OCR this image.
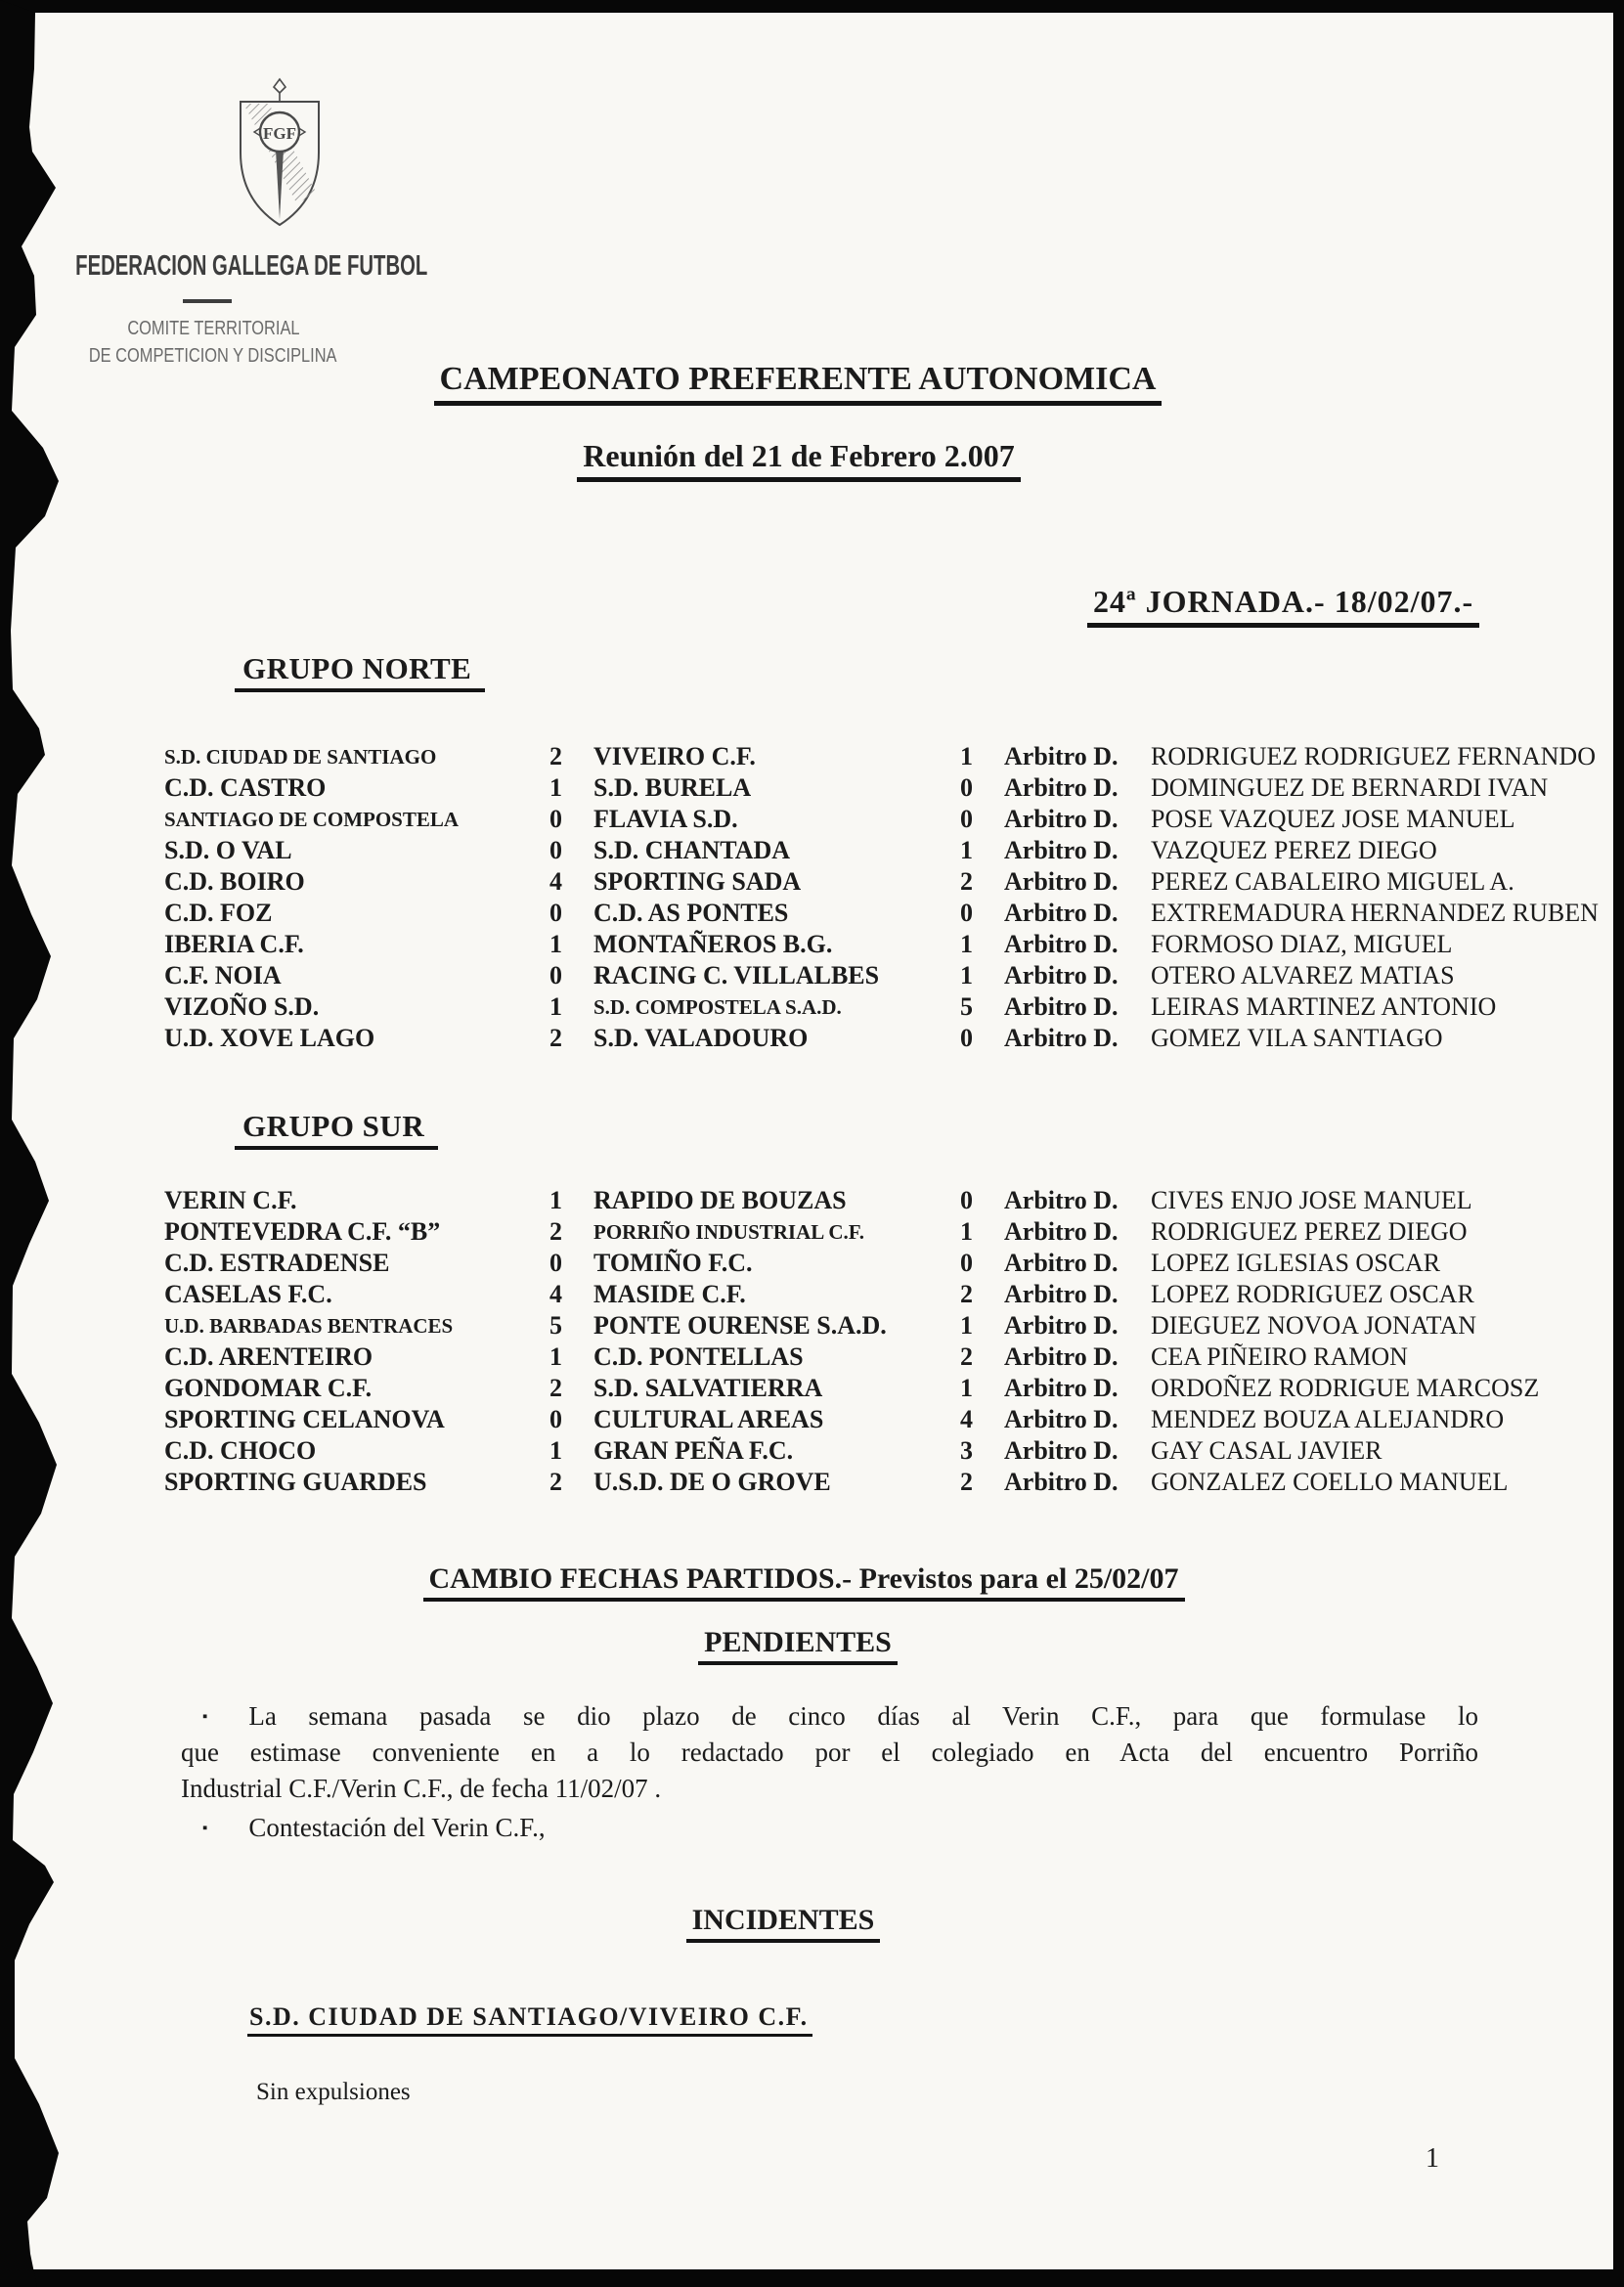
FGF
FEDERACION GALLEGA DE FUTBOL
COMITE TERRITORIAL
DE COMPETICION Y DISCIPLINA
CAMPEONATO PREFERENTE AUTONOMICA
Reunión del 21 de Febrero 2.007
24ª JORNADA.- 18/02/07.-
GRUPO NORTE
S.D. CIUDAD DE SANTIAGO	2	VIVEIRO C.F.	1	Arbitro D.	RODRIGUEZ RODRIGUEZ FERNANDO
C.D. CASTRO	1	S.D. BURELA	0	Arbitro D.	DOMINGUEZ DE BERNARDI IVAN
SANTIAGO DE COMPOSTELA	0	FLAVIA S.D.	0	Arbitro D.	POSE VAZQUEZ JOSE MANUEL
S.D. O VAL	0	S.D. CHANTADA	1	Arbitro D.	VAZQUEZ PEREZ DIEGO
C.D. BOIRO	4	SPORTING SADA	2	Arbitro D.	PEREZ CABALEIRO MIGUEL A.
C.D. FOZ	0	C.D. AS PONTES	0	Arbitro D.	EXTREMADURA HERNANDEZ RUBEN
IBERIA C.F.	1	MONTAÑEROS B.G.	1	Arbitro D.	FORMOSO DIAZ, MIGUEL
C.F. NOIA	0	RACING C. VILLALBES	1	Arbitro D.	OTERO ALVAREZ MATIAS
VIZOÑO S.D.	1	S.D. COMPOSTELA S.A.D.	5	Arbitro D.	LEIRAS MARTINEZ ANTONIO
U.D. XOVE LAGO	2	S.D. VALADOURO	0	Arbitro D.	GOMEZ VILA SANTIAGO
GRUPO SUR
VERIN C.F.	1	RAPIDO DE BOUZAS	0	Arbitro D.	CIVES ENJO JOSE MANUEL
PONTEVEDRA C.F. “B”	2	PORRIÑO INDUSTRIAL C.F.	1	Arbitro D.	RODRIGUEZ PEREZ DIEGO
C.D. ESTRADENSE	0	TOMIÑO F.C.	0	Arbitro D.	LOPEZ IGLESIAS OSCAR
CASELAS F.C.	4	MASIDE C.F.	2	Arbitro D.	LOPEZ RODRIGUEZ OSCAR
U.D. BARBADAS BENTRACES	5	PONTE OURENSE S.A.D.	1	Arbitro D.	DIEGUEZ NOVOA JONATAN
C.D. ARENTEIRO	1	C.D. PONTELLAS	2	Arbitro D.	CEA PIÑEIRO RAMON
GONDOMAR C.F.	2	S.D. SALVATIERRA	1	Arbitro D.	ORDOÑEZ RODRIGUE MARCOSZ
SPORTING CELANOVA	0	CULTURAL AREAS	4	Arbitro D.	MENDEZ BOUZA ALEJANDRO
C.D. CHOCO	1	GRAN PEÑA F.C.	3	Arbitro D.	GAY CASAL JAVIER
SPORTING GUARDES	2	U.S.D. DE O GROVE	2	Arbitro D.	GONZALEZ COELLO MANUEL
CAMBIO FECHAS PARTIDOS.- Previstos para el 25/02/07
PENDIENTES
▪ La semana pasada se dio plazo de cinco días al Verin C.F., para que formulase lo
que estimase conveniente en a lo redactado por el colegiado en Acta del encuentro Porriño
Industrial C.F./Verin C.F., de fecha 11/02/07 .
▪ Contestación del Verin C.F.,
INCIDENTES
S.D. CIUDAD DE SANTIAGO/VIVEIRO C.F.
Sin expulsiones
1
